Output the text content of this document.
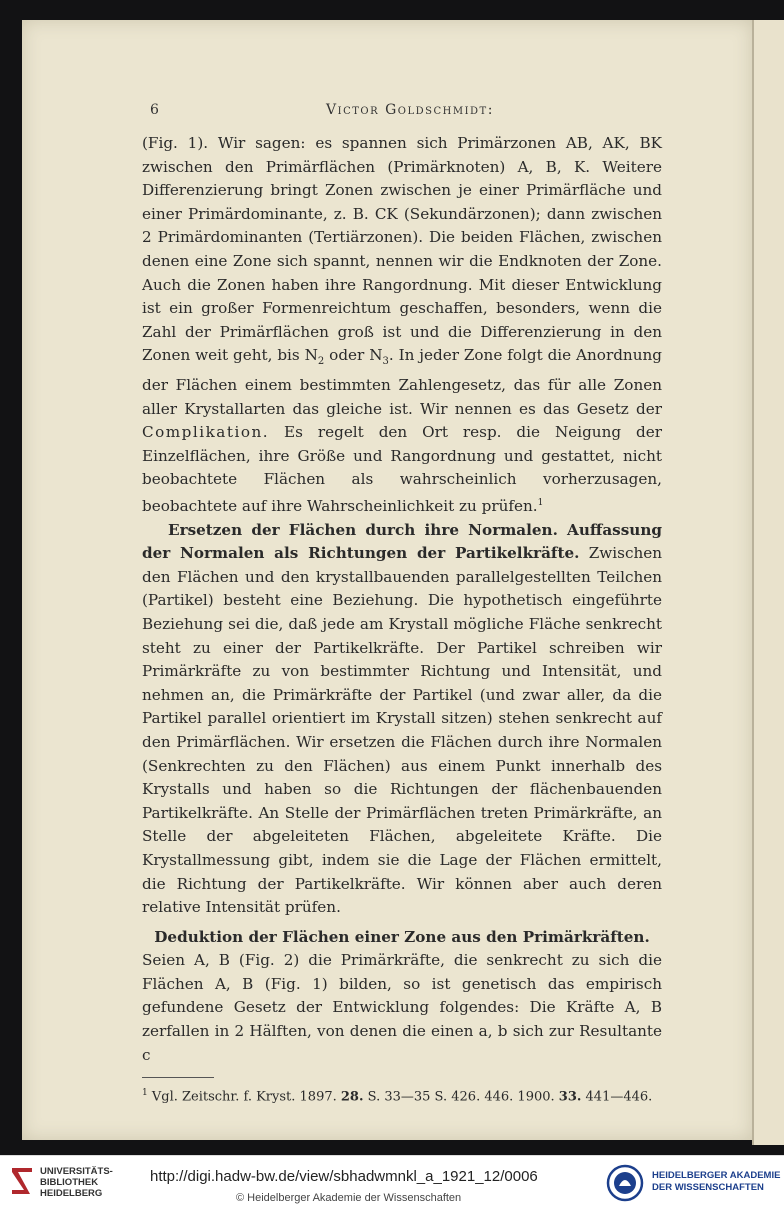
6	Victor Goldschmidt:

(Fig. 1). Wir sagen: es spannen sich Primärzonen AB, AK, BK zwischen den Primärflächen (Primärknoten) A, B, K. Weitere Differenzierung bringt Zonen zwischen je einer Primärfläche und einer Primärdominante, z. B. CK (Sekundärzonen); dann zwischen 2 Primärdominanten (Tertiärzonen). Die beiden Flächen, zwischen denen eine Zone sich spannt, nennen wir die Endknoten der Zone. Auch die Zonen haben ihre Rangordnung. Mit dieser Entwicklung ist ein großer Formenreichtum geschaffen, besonders, wenn die Zahl der Primärflächen groß ist und die Differenzierung in den Zonen weit geht, bis $N_2$ oder $N_3$. In jeder Zone folgt die Anordnung der Flächen einem bestimmten Zahlengesetz, das für alle Zonen aller Krystallarten das gleiche ist. Wir nennen es das Gesetz der Complikation. Es regelt den Ort resp. die Neigung der Einzelflächen, ihre Größe und Rangordnung und gestattet, nicht beobachtete Flächen als wahrscheinlich vorherzusagen, beobachtete auf ihre Wahrscheinlichkeit zu prüfen.$^1$

Ersetzen der Flächen durch ihre Normalen. Auffassung der Normalen als Richtungen der Partikelkräfte. Zwischen den Flächen und den krystallbauenden parallelgestellten Teilchen (Partikel) besteht eine Beziehung. Die hypothetisch eingeführte Beziehung sei die, daß jede am Krystall mögliche Fläche senkrecht steht zu einer der Partikelkräfte. Der Partikel schreiben wir Primärkräfte zu von bestimmter Richtung und Intensität, und nehmen an, die Primärkräfte der Partikel (und zwar aller, da die Partikel parallel orientiert im Krystall sitzen) stehen senkrecht auf den Primärflächen. Wir ersetzen die Flächen durch ihre Normalen (Senkrechten zu den Flächen) aus einem Punkt innerhalb des Krystalls und haben so die Richtungen der flächenbauenden Partikelkräfte. An Stelle der Primärflächen treten Primärkräfte, an Stelle der abgeleiteten Flächen, abgeleitete Kräfte. Die Krystallmessung gibt, indem sie die Lage der Flächen ermittelt, die Richtung der Partikelkräfte. Wir können aber auch deren relative Intensität prüfen.

Deduktion der Flächen einer Zone aus den Primärkräften.

Seien A, B (Fig. 2) die Primärkräfte, die senkrecht zu sich die Flächen A, B (Fig. 1) bilden, so ist genetisch das empirisch gefundene Gesetz der Entwicklung folgendes: Die Kräfte A, B zerfallen in 2 Hälften, von denen die einen a, b sich zur Resultante c

$^1$ Vgl. Zeitschr. f. Kryst. 1897. 28. S. 33—35 S. 426. 446. 1900. 33. 441—446.

UNIVERSITÄTS-
BIBLIOTHEK
HEIDELBERG
http://digi.hadw-bw.de/view/sbhadwmnkl_a_1921_12/0006
© Heidelberger Akademie der Wissenschaften
HEIDELBERGER AKADEMIE
DER WISSENSCHAFTEN
